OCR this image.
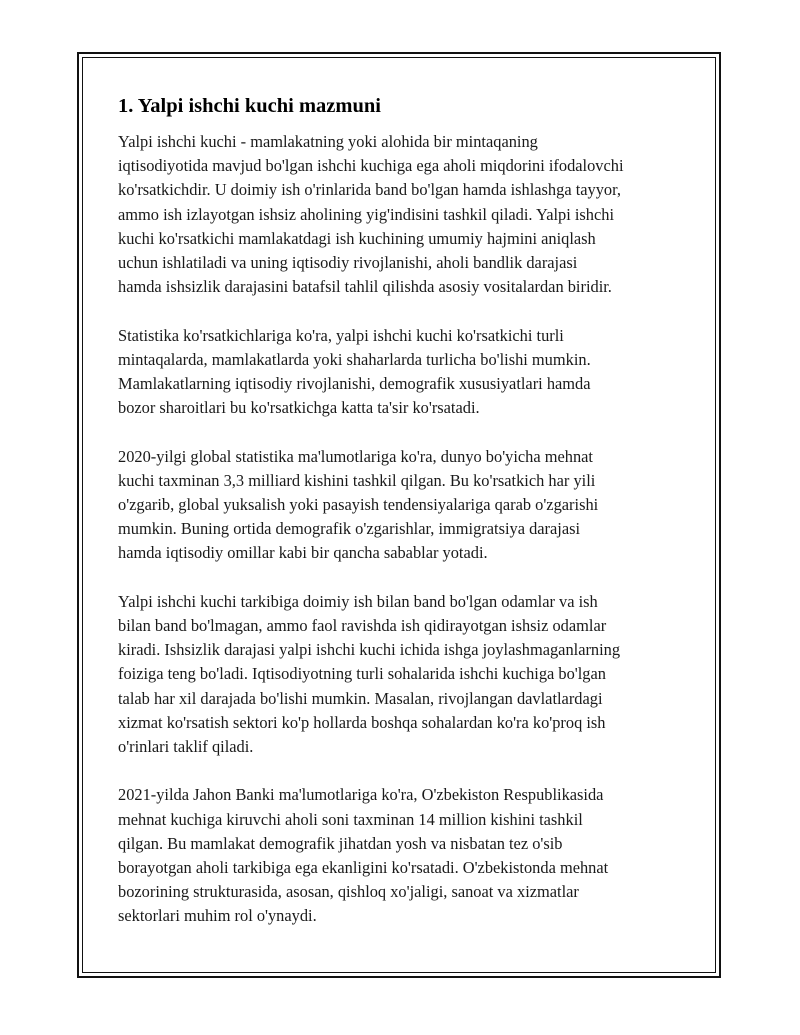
1. Yalpi ishchi kuchi mazmuni

Yalpi ishchi kuchi - mamlakatning yoki alohida bir mintaqaning
iqtisodiyotida mavjud bo'lgan ishchi kuchiga ega aholi miqdorini ifodalovchi
ko'rsatkichdir. U doimiy ish o'rinlarida band bo'lgan hamda ishlashga tayyor,
ammo ish izlayotgan ishsiz aholining yig'indisini tashkil qiladi. Yalpi ishchi
kuchi ko'rsatkichi mamlakatdagi ish kuchining umumiy hajmini aniqlash
uchun ishlatiladi va uning iqtisodiy rivojlanishi, aholi bandlik darajasi
hamda ishsizlik darajasini batafsil tahlil qilishda asosiy vositalardan biridir.

Statistika ko'rsatkichlariga ko'ra, yalpi ishchi kuchi ko'rsatkichi turli
mintaqalarda, mamlakatlarda yoki shaharlarda turlicha bo'lishi mumkin.
Mamlakatlarning iqtisodiy rivojlanishi, demografik xususiyatlari hamda
bozor sharoitlari bu ko'rsatkichga katta ta'sir ko'rsatadi.

2020-yilgi global statistika ma'lumotlariga ko'ra, dunyo bo'yicha mehnat
kuchi taxminan 3,3 milliard kishini tashkil qilgan. Bu ko'rsatkich har yili
o'zgarib, global yuksalish yoki pasayish tendensiyalariga qarab o'zgarishi
mumkin. Buning ortida demografik o'zgarishlar, immigratsiya darajasi
hamda iqtisodiy omillar kabi bir qancha sabablar yotadi.

Yalpi ishchi kuchi tarkibiga doimiy ish bilan band bo'lgan odamlar va ish
bilan band bo'lmagan, ammo faol ravishda ish qidirayotgan ishsiz odamlar
kiradi. Ishsizlik darajasi yalpi ishchi kuchi ichida ishga joylashmaganlarning
foiziga teng bo'ladi. Iqtisodiyotning turli sohalarida ishchi kuchiga bo'lgan
talab har xil darajada bo'lishi mumkin. Masalan, rivojlangan davlatlardagi
xizmat ko'rsatish sektori ko'p hollarda boshqa sohalardan ko'ra ko'proq ish
o'rinlari taklif qiladi.

2021-yilda Jahon Banki ma'lumotlariga ko'ra, O'zbekiston Respublikasida
mehnat kuchiga kiruvchi aholi soni taxminan 14 million kishini tashkil
qilgan. Bu mamlakat demografik jihatdan yosh va nisbatan tez o'sib
borayotgan aholi tarkibiga ega ekanligini ko'rsatadi. O'zbekistonda mehnat
bozorining strukturasida, asosan, qishloq xo'jaligi, sanoat va xizmatlar
sektorlari muhim rol o'ynaydi.
